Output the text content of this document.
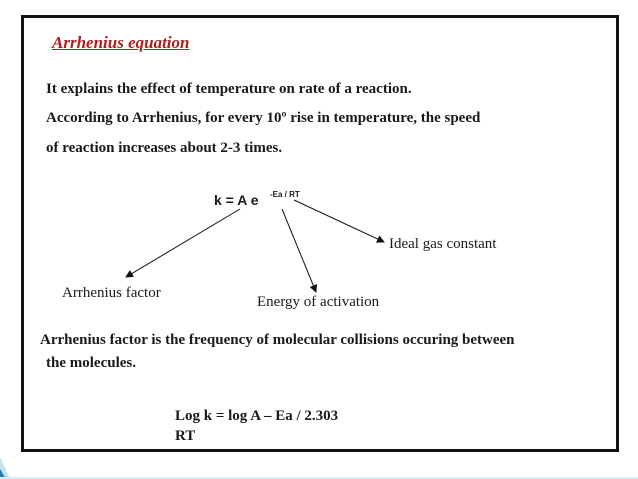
Arrhenius equation
It explains the effect of temperature on rate of a reaction.
According to Arrhenius, for every 10º rise in temperature, the speed
of reaction increases about 2-3 times.
k = A e -Ea / RT
Ideal gas constant
Arrhenius factor
Energy of activation
Arrhenius factor is the frequency of molecular collisions occuring between
the molecules.
Log k = log A – Ea / 2.303
RT
